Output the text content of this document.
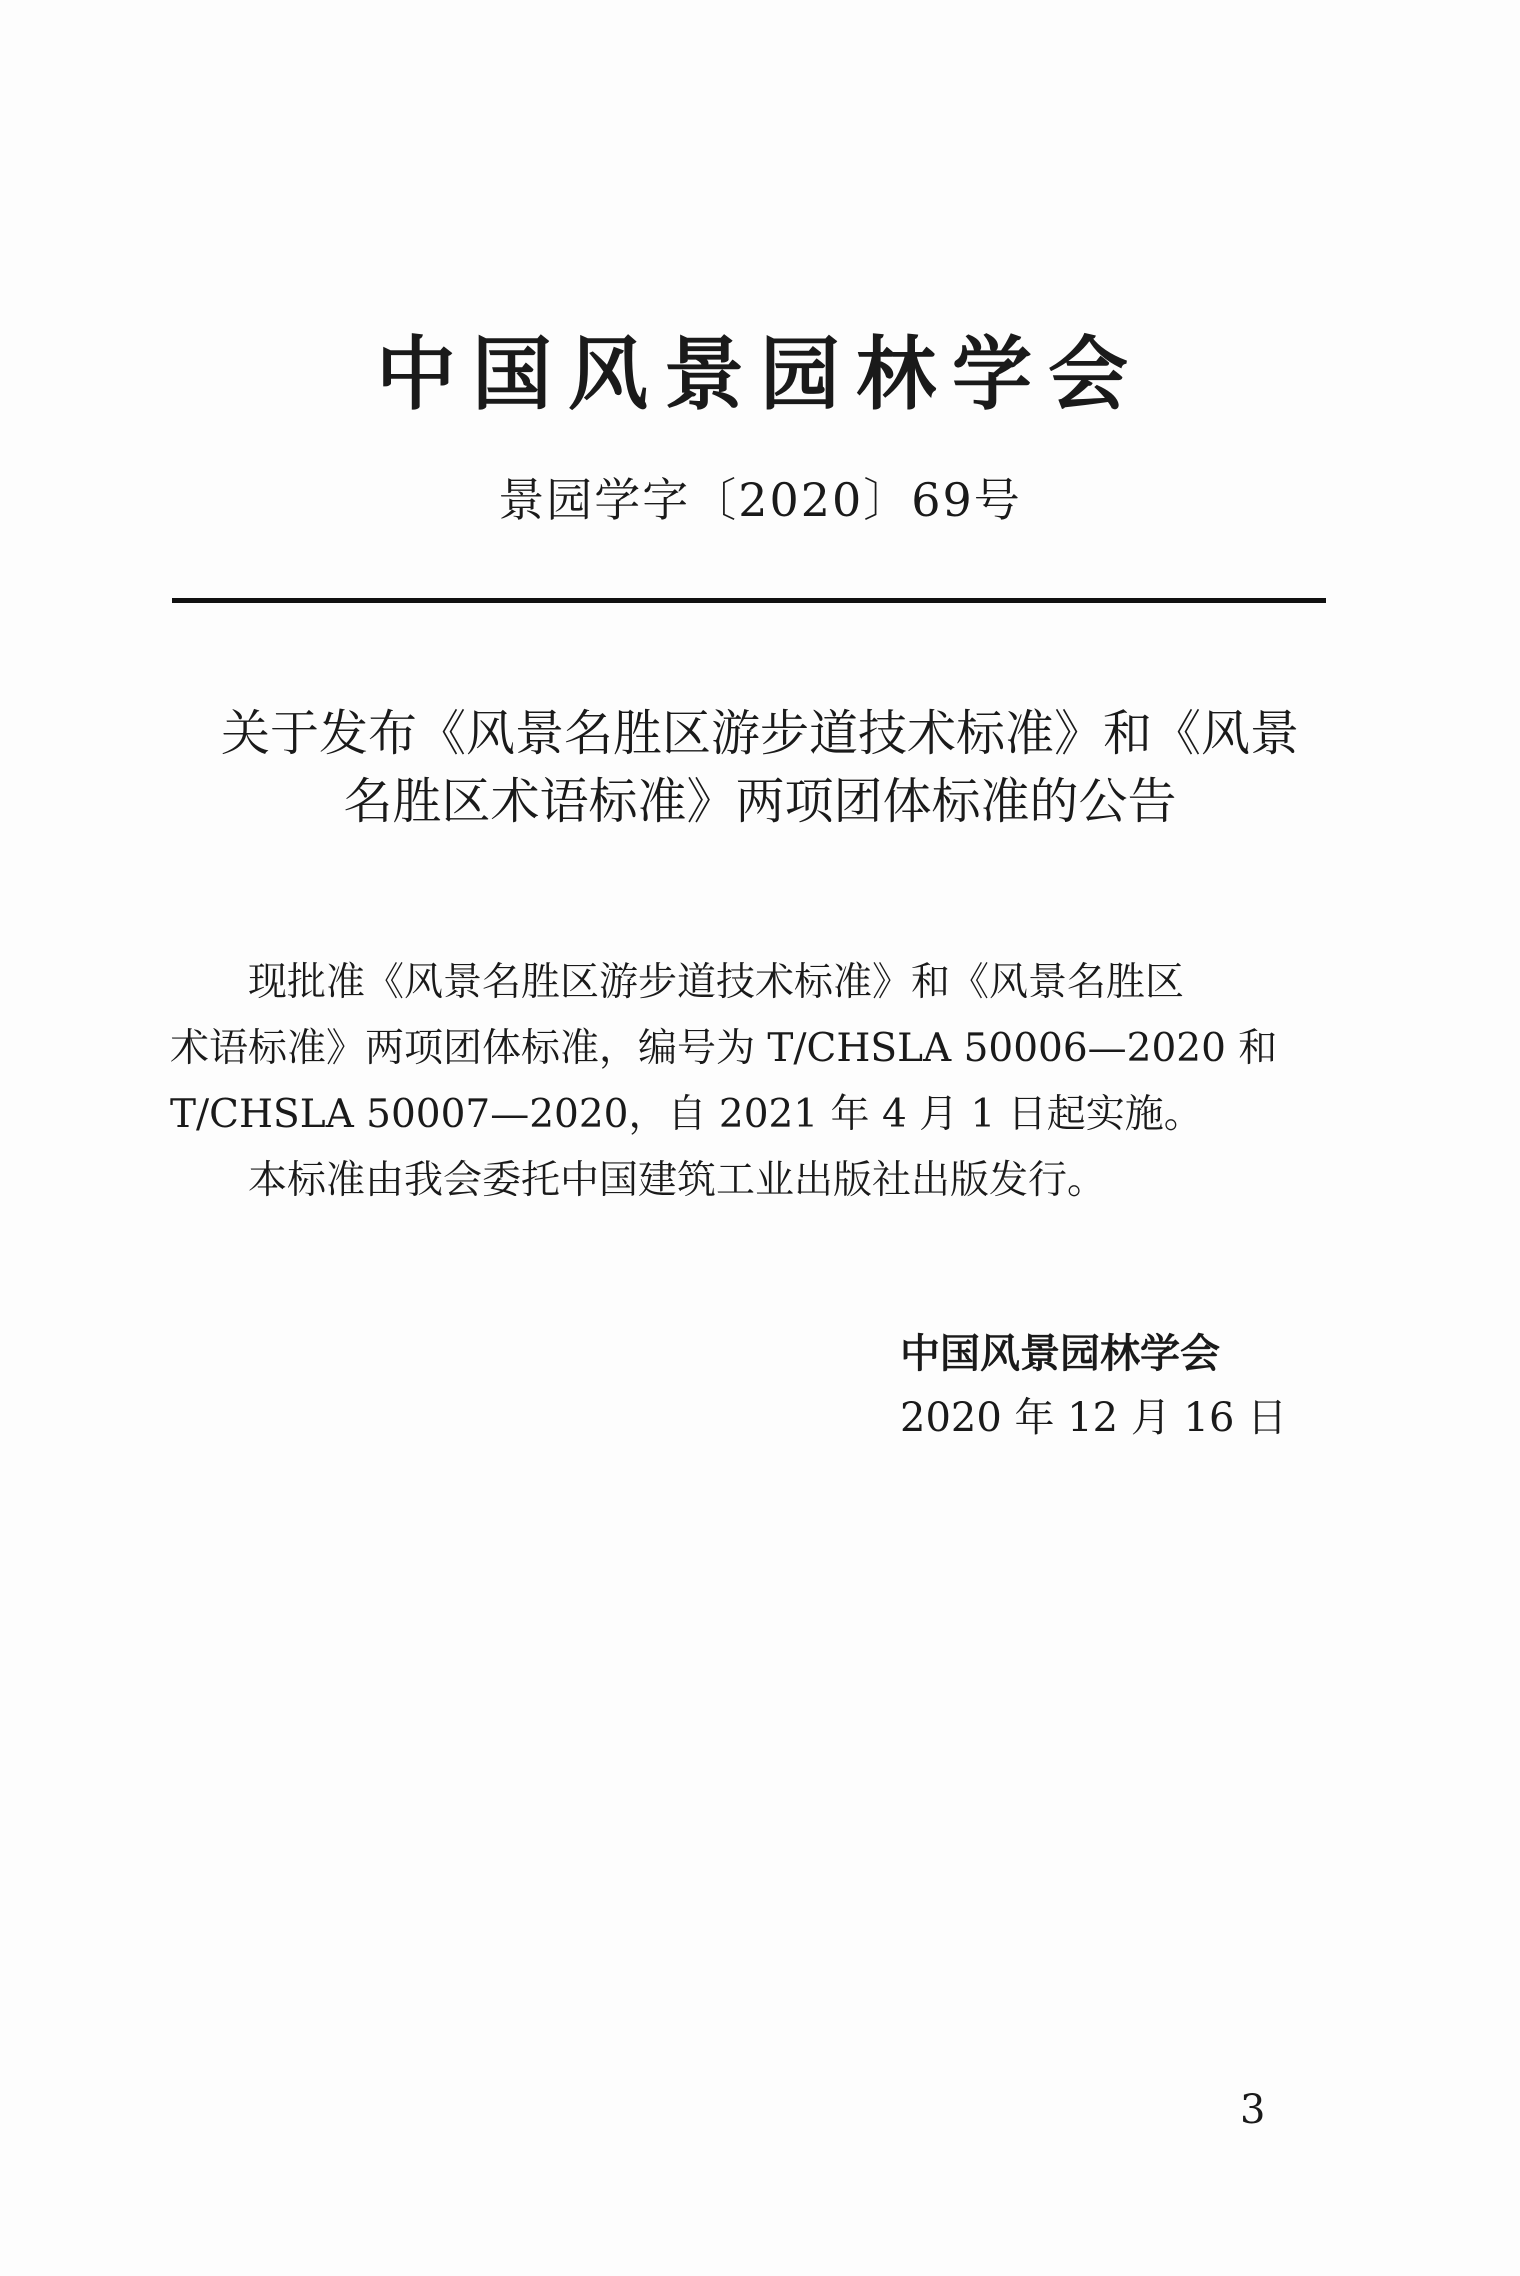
中国风景园林学会
景园学字〔2020〕69号
关于发布《风景名胜区游步道技术标准》和《风景
名胜区术语标准》两项团体标准的公告

现批准《风景名胜区游步道技术标准》和《风景名胜区
术语标准》两项团体标准，编号为 T/CHSLA 50006—2020 和
T/CHSLA 50007—2020，自 2021 年 4 月 1 日起实施。

本标准由我会委托中国建筑工业出版社出版发行。

中国风景园林学会
2020 年 12 月 16 日
3
